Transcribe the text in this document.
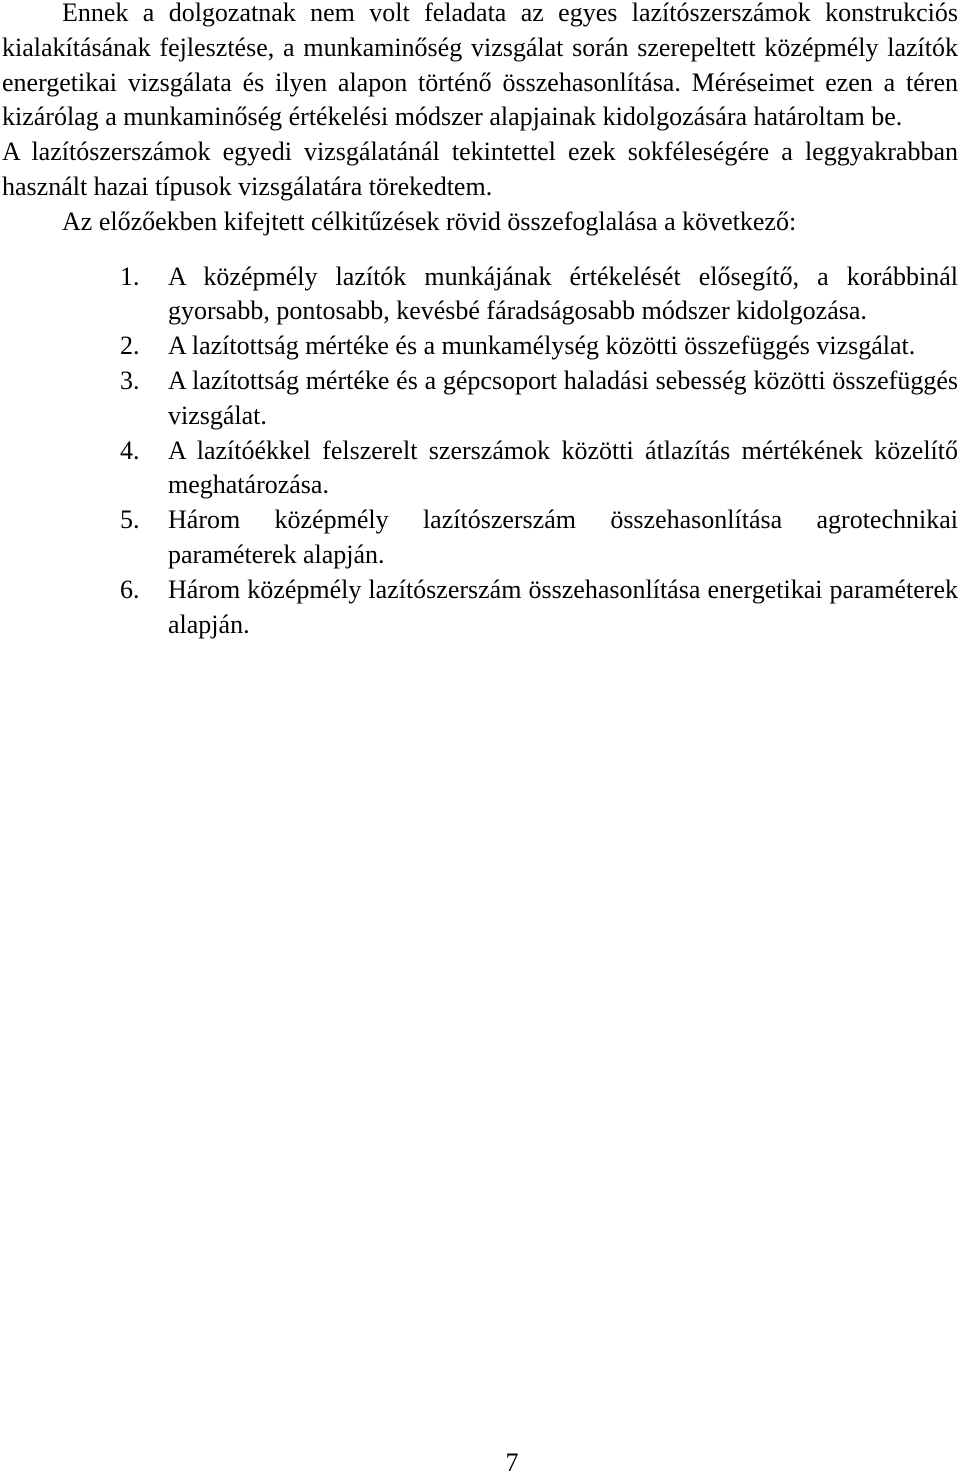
Ennek a dolgozatnak nem volt feladata az egyes lazítószerszámok konstrukciós kialakításának fejlesztése, a munkaminőség vizsgálat során szerepeltett középmély lazítók energetikai vizsgálata és ilyen alapon történő összehasonlítása. Méréseimet ezen a téren kizárólag a munkaminőség értékelési módszer alapjainak kidolgozására határoltam be.

A lazítószerszámok egyedi vizsgálatánál tekintettel ezek sokféleségére a leggyakrabban használt hazai típusok vizsgálatára törekedtem.

Az előzőekben kifejtett célkitűzések rövid összefoglalása a következő:

1. A középmély lazítók munkájának értékelését elősegítő, a korábbinál gyorsabb, pontosabb, kevésbé fáradságosabb módszer kidolgozása.
2. A lazítottság mértéke és a munkamélység közötti összefüggés vizsgálat.
3. A lazítottság mértéke és a gépcsoport haladási sebesség közötti összefüggés vizsgálat.
4. A lazítóékkel felszerelt szerszámok közötti átlazítás mértékének közelítő meghatározása.
5. Három középmély lazítószerszám összehasonlítása agrotechnikai paraméterek alapján.
6. Három középmély lazítószerszám összehasonlítása energetikai paraméterek alapján.
7
